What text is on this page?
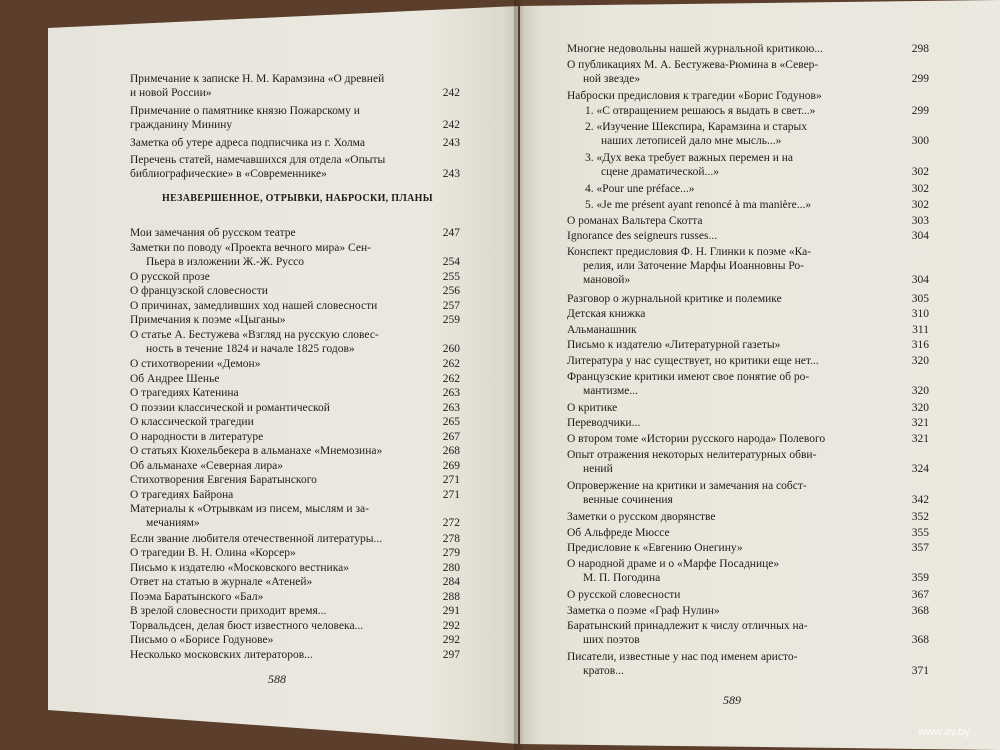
Примечание к записке Н. М. Карамзина «О древней
и новой России»	242
Примечание о памятнике князю Пожарскому и
гражданину Минину	242
Заметка об утере адреса подписчика из г. Холма	243
Перечень статей, намечавшихся для отдела «Опыты
библиографические» в «Современнике»	243
Мои замечания об русском театре	247
Заметки по поводу «Проекта вечного мира» Сен-
Пьера в изложении Ж.-Ж. Руссо	254
О русской прозе	255
О французской словесности	256
О причинах, замедливших ход нашей словесности	257
Примечания к поэме «Цыганы»	259
О статье А. Бестужева «Взгляд на русскую словес-
ность в течение 1824 и начале 1825 годов»	260
О стихотворении «Демон»	262
Об Андрее Шенье	262
О трагедиях Катенина	263
О поэзии классической и романтической	263
О классической трагедии	265
О народности в литературе	267
О статьях Кюхельбекера в альманахе «Мнемозина»	268
Об альманахе «Северная лира»	269
Стихотворения Евгения Баратынского	271
О трагедиях Байрона	271
Материалы к «Отрывкам из писем, мыслям и за-
мечаниям»	272
Если звание любителя отечественной литературы...	278
О трагедии В. Н. Олина «Корсер»	279
Письмо к издателю «Московского вестника»	280
Ответ на статью в журнале «Атеней»	284
Поэма Баратынского «Бал»	288
В зрелой словесности приходит время...	291
Торвальдсен, делая бюст известного человека...	292
Письмо о «Борисе Годунове»	292
Несколько московских литераторов...	297
НЕЗАВЕРШЕННОЕ, ОТРЫВКИ, НАБРОСКИ, ПЛАНЫ
Многие недовольны нашей журнальной критикою...	298
О публикациях М. А. Бестужева-Рюмина в «Север-
ной звезде»	299
Наброски предисловия к трагедии «Борис Годунов»
1. «С отвращением решаюсь я выдать в свет...»	299
2. «Изучение Шекспира, Карамзина и старых
наших летописей дало мне мысль...»	300
3. «Дух века требует важных перемен и на
сцене драматической...»	302
4. «Pour une préface...»	302
5. «Je me présent ayant renoncé à ma manière...»	302
О романах Вальтера Скотта	303
Ignorance des seigneurs russes...	304
Конспект предисловия Ф. Н. Глинки к поэме «Ка-
релия, или Заточение Марфы Иоанновны Ро-
мановой»	304
Разговор о журнальной критике и полемике	305
Детская книжка	310
Альманашник	311
Письмо к издателю «Литературной газеты»	316
Литература у нас существует, но критики еще нет...	320
Французские критики имеют свое понятие об ро-
мантизме...	320
О критике	320
Переводчики...	321
О втором томе «Истории русского народа» Полевого	321
Опыт отражения некоторых нелитературных обви-
нений	324
Опровержение на критики и замечания на собст-
венные сочинения	342
Заметки о русском дворянстве	352
Об Альфреде Мюссе	355
Предисловие к «Евгению Онегину»	357
О народной драме и о «Марфе Посаднице»
М. П. Погодина	359
О русской словесности	367
Заметка о поэме «Граф Нулин»	368
Баратынский принадлежит к числу отличных на-
ших поэтов	368
Писатели, известные у нас под именем аристо-
кратов...	371
588
589
www.ay.by
